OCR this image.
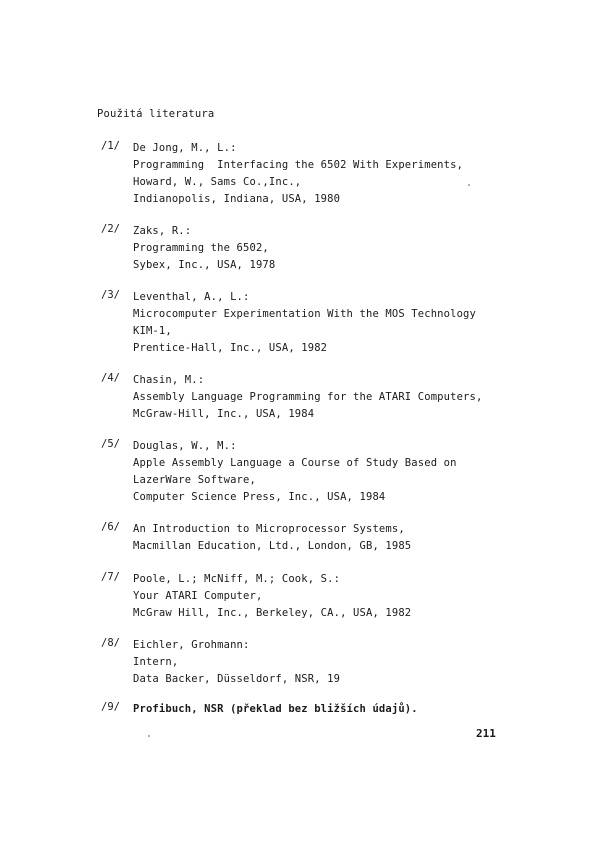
Použitá literatura
/1/ De Jong, M., L.:
Programming  Interfacing the 6502 With Experiments,
Howard, W., Sams Co.,Inc.,
Indianopolis, Indiana, USA, 1980
/2/ Zaks, R.:
Programming the 6502,
Sybex, Inc., USA, 1978
/3/ Leventhal, A., L.:
Microcomputer Experimentation With the MOS Technology
KIM-1,
Prentice-Hall, Inc., USA, 1982
/4/ Chasin, M.:
Assembly Language Programming for the ATARI Computers,
McGraw-Hill, Inc., USA, 1984
/5/ Douglas, W., M.:
Apple Assembly Language a Course of Study Based on
LazerWare Software,
Computer Science Press, Inc., USA, 1984
/6/ An Introduction to Microprocessor Systems,
Macmillan Education, Ltd., London, GB, 1985
/7/ Poole, L.; McNiff, M.; Cook, S.:
Your ATARI Computer,
McGraw Hill, Inc., Berkeley, CA., USA, 1982
/8/ Eichler, Grohmann:
Intern,
Data Backer, Düsseldorf, NSR, 19
/9/ Profibuch, NSR (překlad bez bližších údajů).
211
